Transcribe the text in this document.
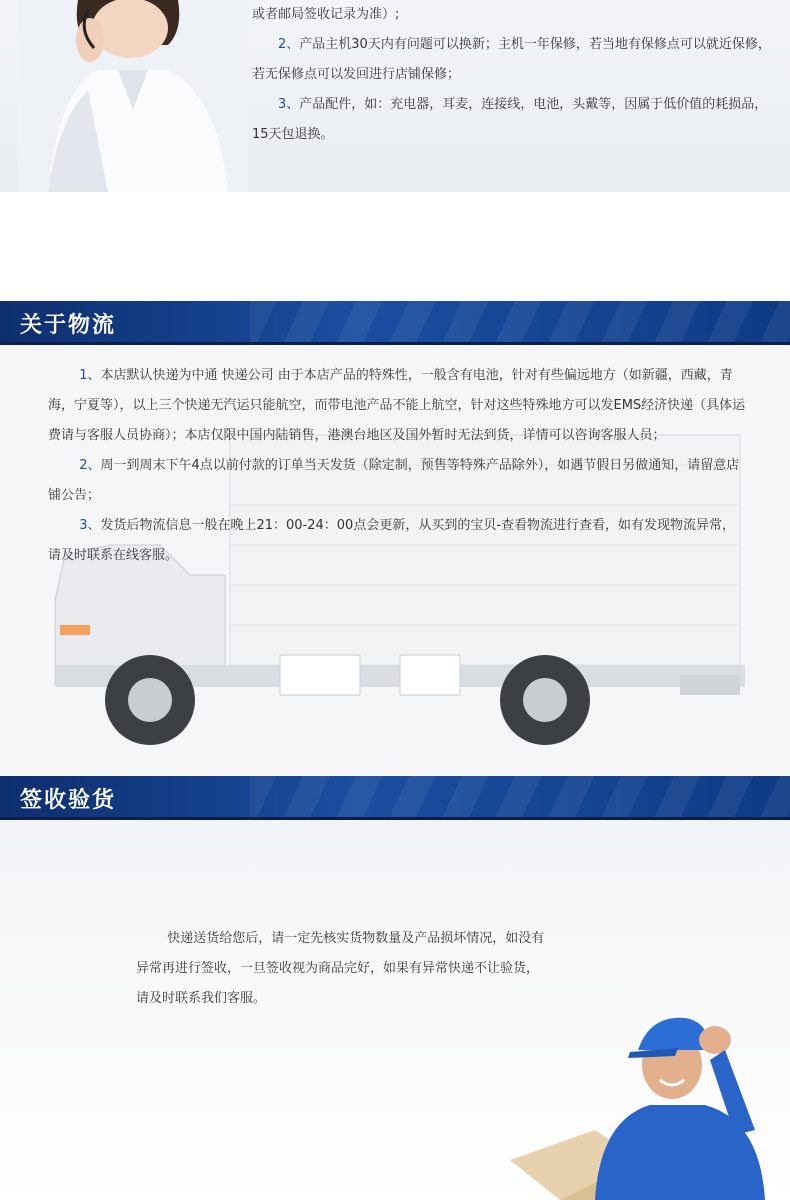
或者邮局签收记录为准）;

2、产品主机30天内有问题可以换新；主机一年保修，若当地有保修点可以就近保修，若无保修点可以发回进行店铺保修；

3、产品配件，如：充电器，耳麦，连接线，电池，头戴等，因属于低价值的耗损品，15天包退换。

关于物流

1、本店默认快递为中通 快递公司 由于本店产品的特殊性，一般含有电池，针对有些偏远地方（如新疆，西藏，青海，宁夏等），以上三个快递无汽运只能航空，而带电池产品不能上航空，针对这些特殊地方可以发EMS经济快递（具体运费请与客服人员协商）；本店仅限中国内陆销售，港澳台地区及国外暂时无法到货，详情可以咨询客服人员；

2、周一到周末下午4点以前付款的订单当天发货（除定制，预售等特殊产品除外），如遇节假日另做通知，请留意店铺公告；

3、发货后物流信息一般在晚上21：00-24：00点会更新，从买到的宝贝-查看物流进行查看，如有发现物流异常，请及时联系在线客服。

签收验货

快递送货给您后，请一定先核实货物数量及产品损坏情况，如没有

异常再进行签收，一旦签收视为商品完好，如果有异常快递不让验货，

请及时联系我们客服。
